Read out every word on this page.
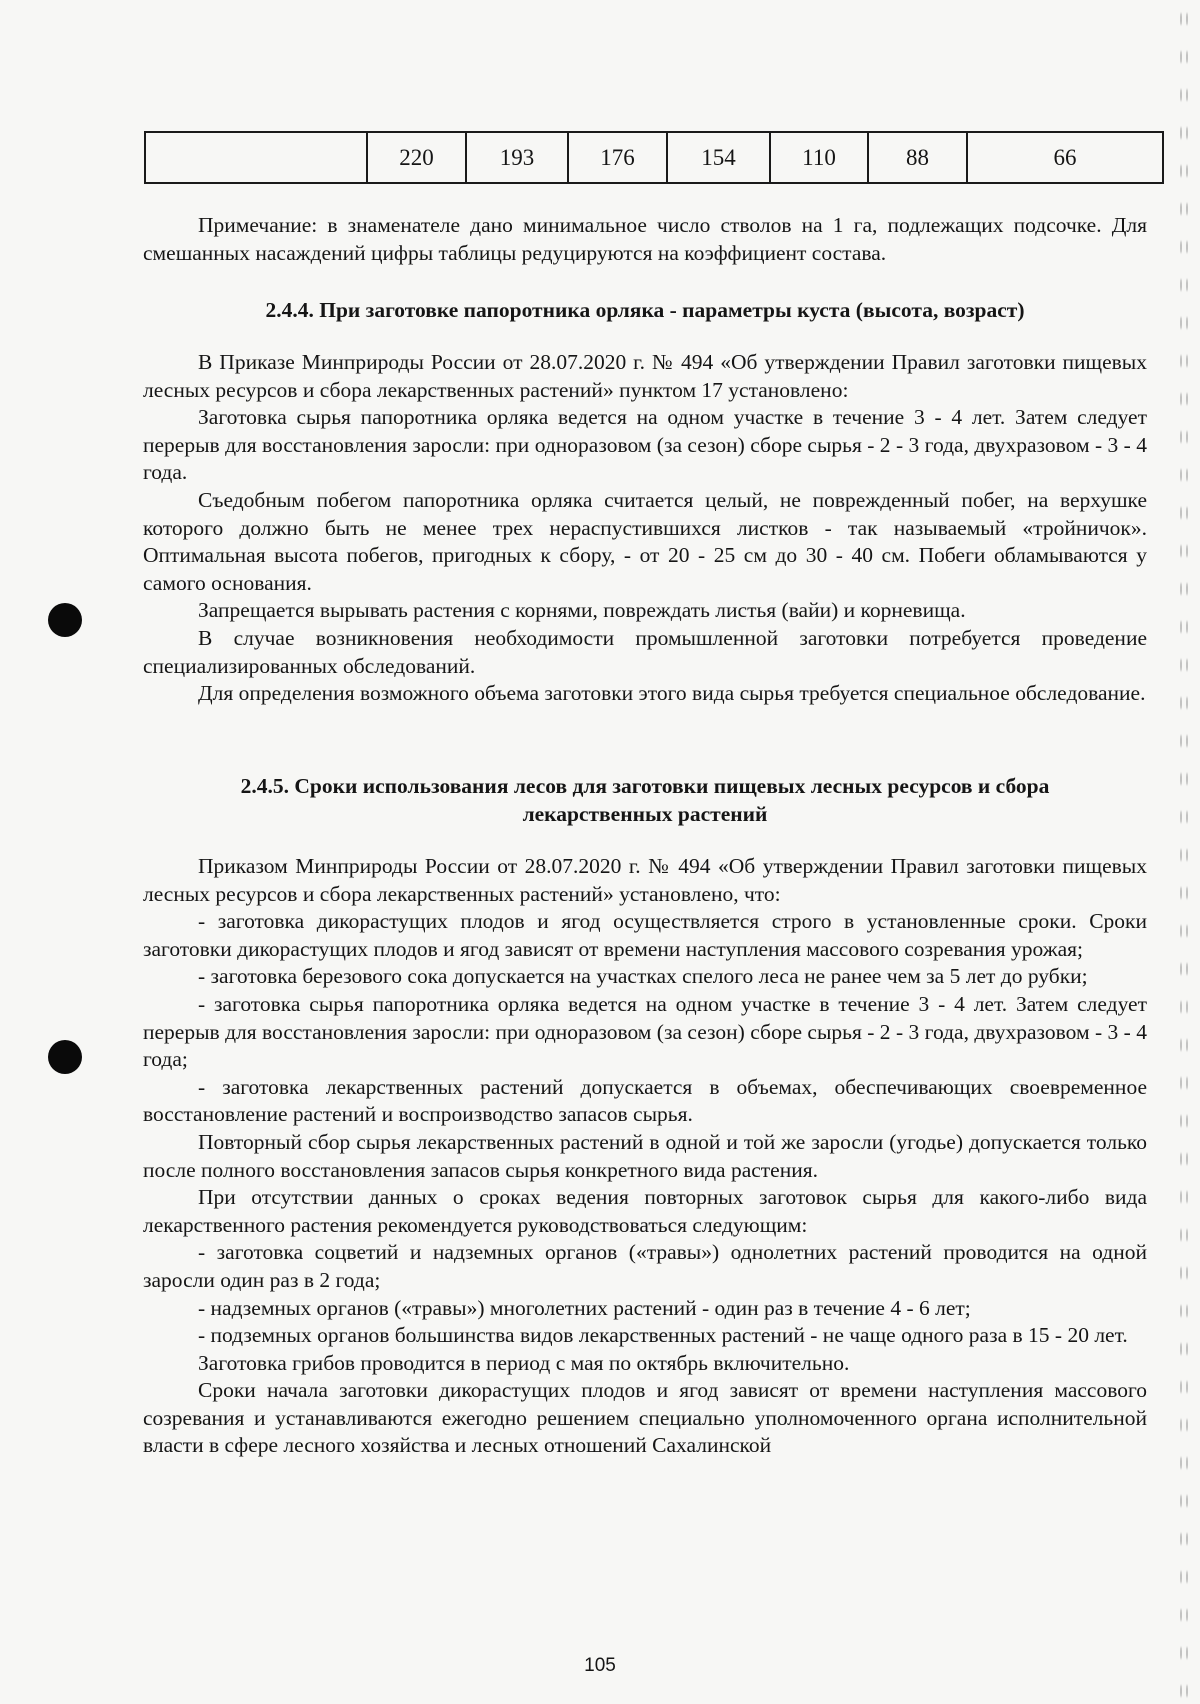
	220	193	176	154	110	88	66

Примечание: в знаменателе дано минимальное число стволов на 1 га, подлежащих подсочке. Для смешанных насаждений цифры таблицы редуцируются на коэффициент состава.

2.4.4. При заготовке папоротника орляка - параметры куста (высота, возраст)

В Приказе Минприроды России от 28.07.2020 г. № 494 «Об утверждении Правил заготовки пищевых лесных ресурсов и сбора лекарственных растений» пунктом 17 установлено:

Заготовка сырья папоротника орляка ведется на одном участке в течение 3 - 4 лет. Затем следует перерыв для восстановления заросли: при одноразовом (за сезон) сборе сырья - 2 - 3 года, двухразовом - 3 - 4 года.

Съедобным побегом папоротника орляка считается целый, не поврежденный побег, на верхушке которого должно быть не менее трех нераспустившихся листков - так называемый «тройничок». Оптимальная высота побегов, пригодных к сбору, - от 20 - 25 см до 30 - 40 см. Побеги обламываются у самого основания.

Запрещается вырывать растения с корнями, повреждать листья (вайи) и корневища.

В случае возникновения необходимости промышленной заготовки потребуется проведение специализированных обследований.

Для определения возможного объема заготовки этого вида сырья требуется специальное обследование.

2.4.5. Сроки использования лесов для заготовки пищевых лесных ресурсов и сбора лекарственных растений

Приказом Минприроды России от 28.07.2020 г. № 494 «Об утверждении Правил заготовки пищевых лесных ресурсов и сбора лекарственных растений» установлено, что:

- заготовка дикорастущих плодов и ягод осуществляется строго в установленные сроки. Сроки заготовки дикорастущих плодов и ягод зависят от времени наступления массового созревания урожая;

- заготовка березового сока допускается на участках спелого леса не ранее чем за 5 лет до рубки;

- заготовка сырья папоротника орляка ведется на одном участке в течение 3 - 4 лет. Затем следует перерыв для восстановления заросли: при одноразовом (за сезон) сборе сырья - 2 - 3 года, двухразовом - 3 - 4 года;

- заготовка лекарственных растений допускается в объемах, обеспечивающих своевременное восстановление растений и воспроизводство запасов сырья.

Повторный сбор сырья лекарственных растений в одной и той же заросли (угодье) допускается только после полного восстановления запасов сырья конкретного вида растения.

При отсутствии данных о сроках ведения повторных заготовок сырья для какого-либо вида лекарственного растения рекомендуется руководствоваться следующим:

- заготовка соцветий и надземных органов («травы») однолетних растений проводится на одной заросли один раз в 2 года;

- надземных органов («травы») многолетних растений - один раз в течение 4 - 6 лет;

- подземных органов большинства видов лекарственных растений - не чаще одного раза в 15 - 20 лет.

Заготовка грибов проводится в период с мая по октябрь включительно.

Сроки начала заготовки дикорастущих плодов и ягод зависят от времени наступления массового созревания и устанавливаются ежегодно решением специально уполномоченного органа исполнительной власти в сфере лесного хозяйства и лесных отношений Сахалинской

105
